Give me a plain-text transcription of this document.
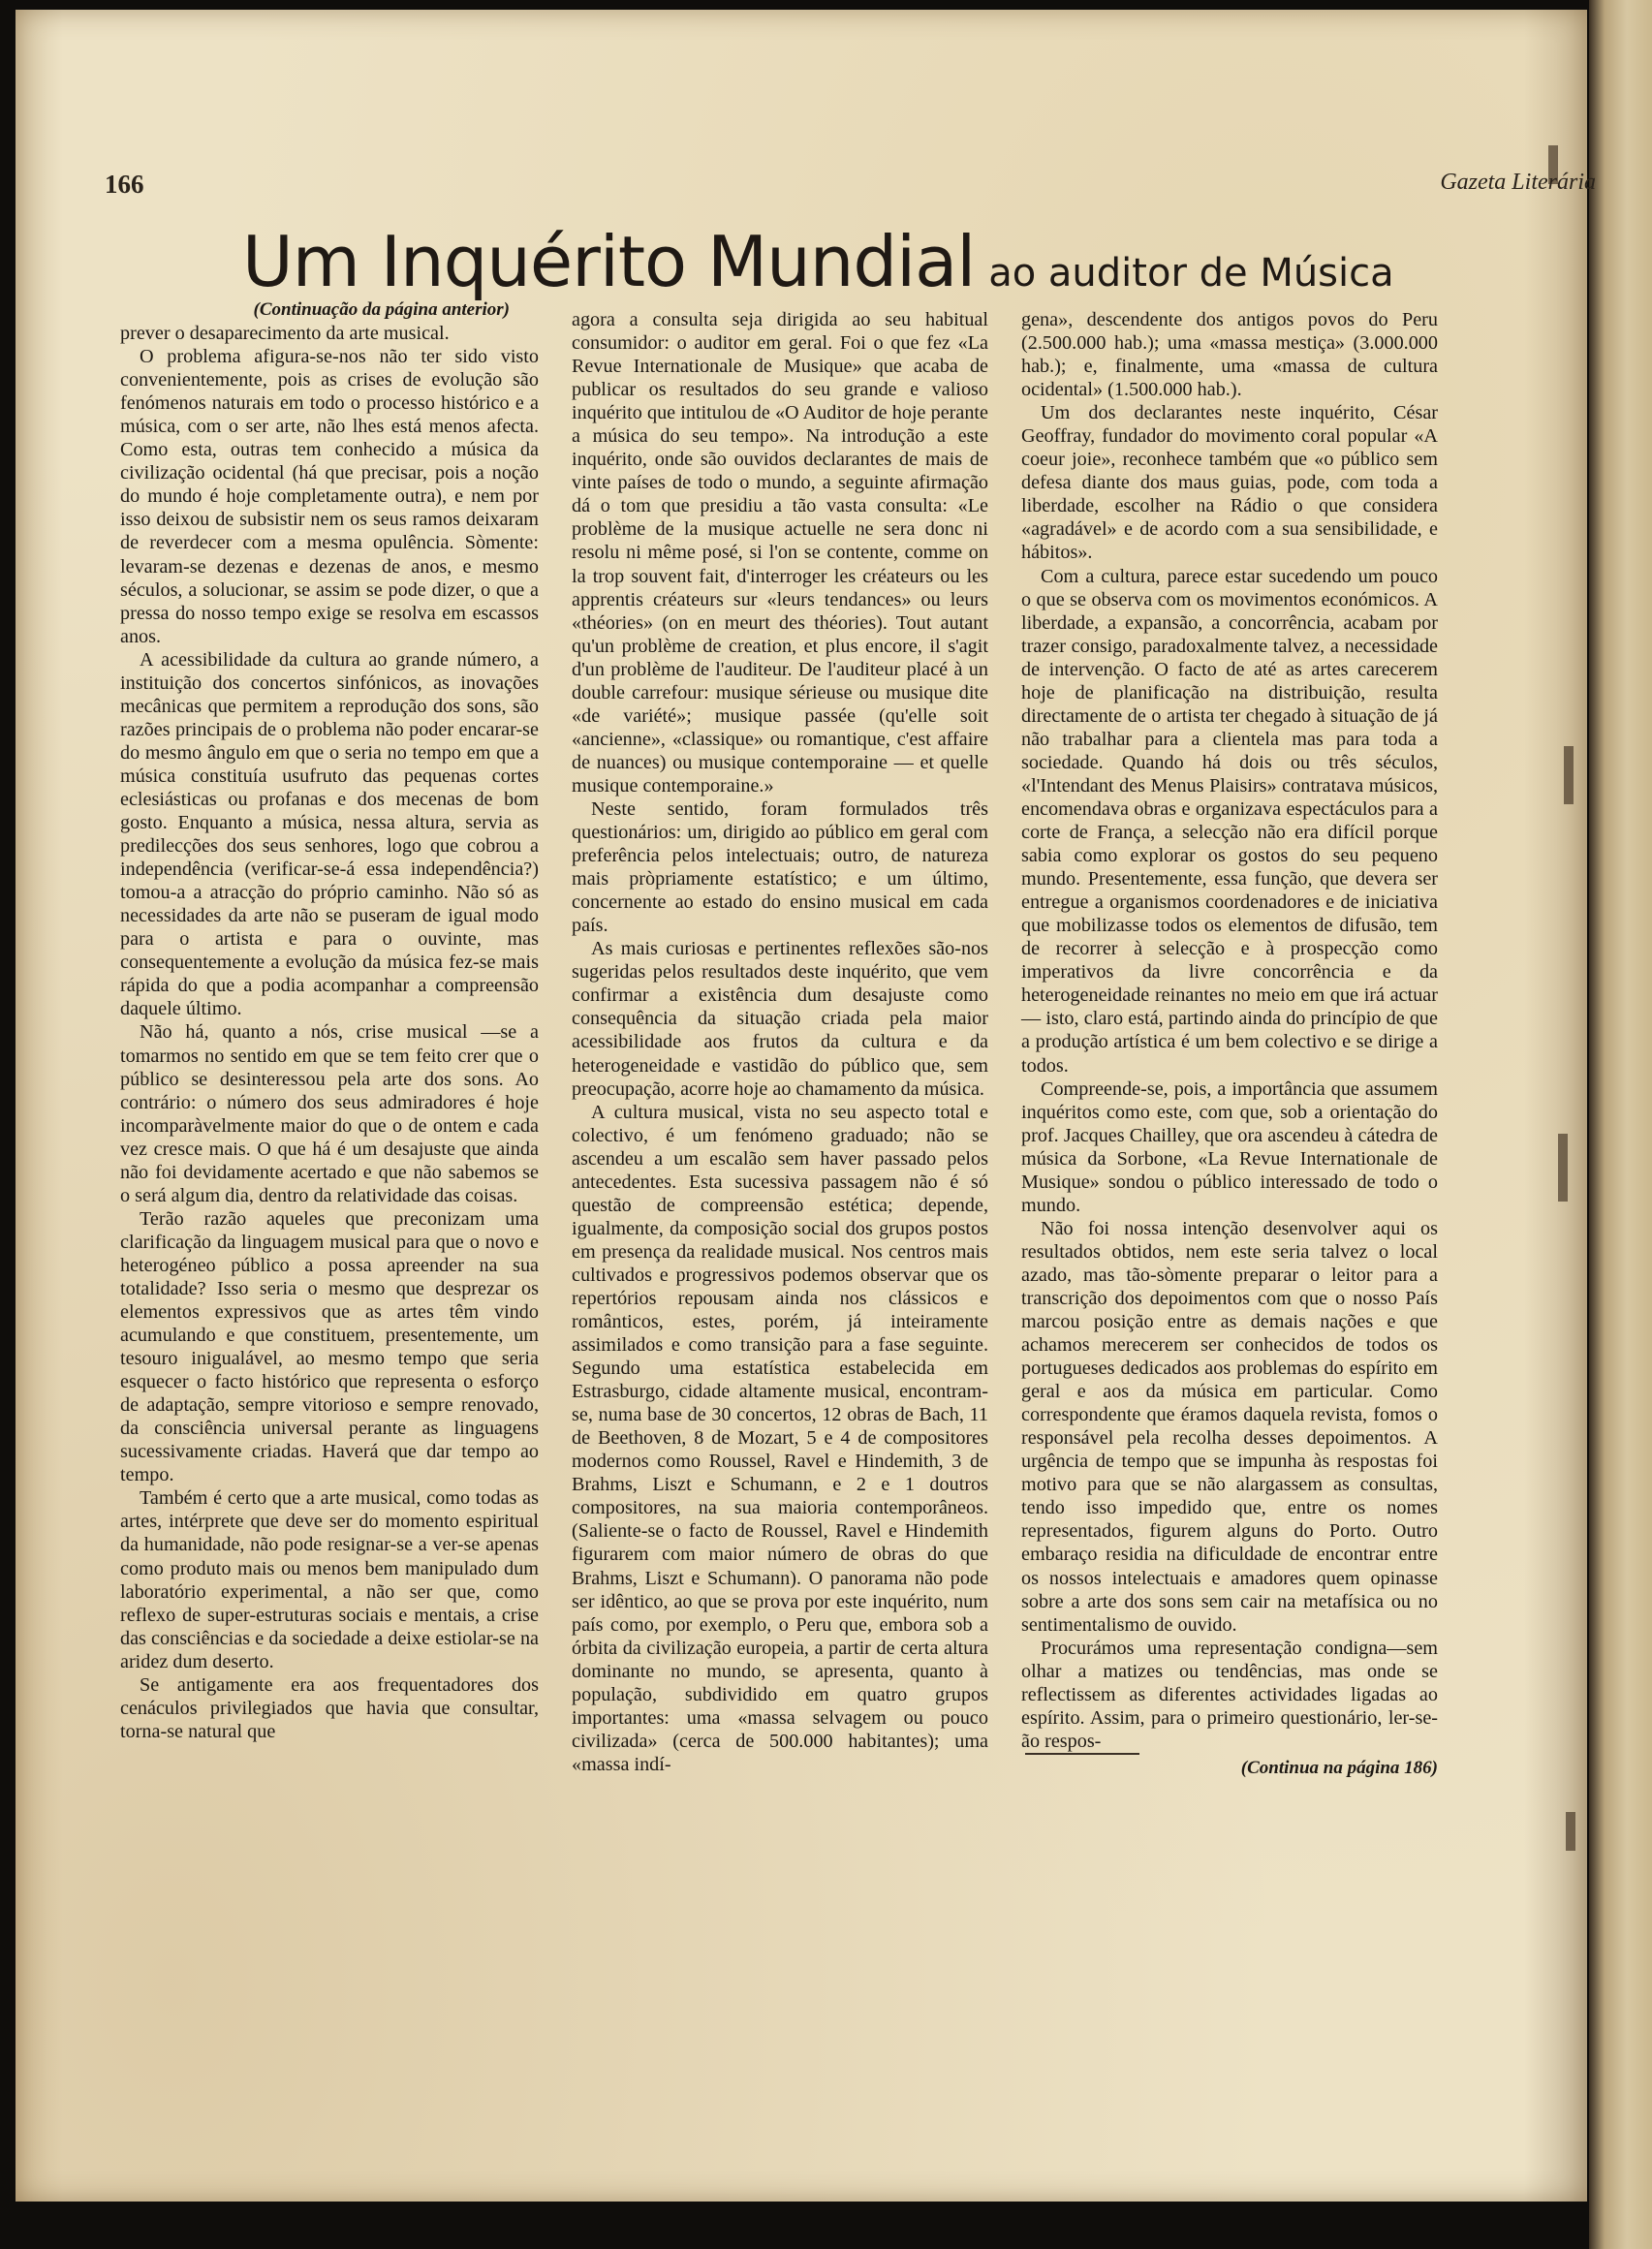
166	Gazeta Literária
Um Inquérito Mundial ao auditor de Música

(Continuação da página anterior)

prever o desaparecimento da arte musical.

O problema afigura-se-nos não ter sido visto convenientemente, pois as crises de evolução são fenómenos naturais em todo o processo histórico e a música, com o ser arte, não lhes está menos afecta. Como esta, outras tem conhecido a música da civilização ocidental (há que precisar, pois a noção do mundo é hoje completamente outra), e nem por isso deixou de subsistir nem os seus ramos deixaram de reverdecer com a mesma opulência. Sòmente: levaram-se dezenas e dezenas de anos, e mesmo séculos, a solucionar, se assim se pode dizer, o que a pressa do nosso tempo exige se resolva em escassos anos.

A acessibilidade da cultura ao grande número, a instituição dos concertos sinfónicos, as inovações mecânicas que permitem a reprodução dos sons, são razões principais de o problema não poder encarar-se do mesmo ângulo em que o seria no tempo em que a música constituía usufruto das pequenas cortes eclesiásticas ou profanas e dos mecenas de bom gosto. Enquanto a música, nessa altura, servia as predilecções dos seus senhores, logo que cobrou a independência (verificar-se-á essa independência?) tomou-a a atracção do próprio caminho. Não só as necessidades da arte não se puseram de igual modo para o artista e para o ouvinte, mas consequentemente a evolução da música fez-se mais rápida do que a podia acompanhar a compreensão daquele último.

Não há, quanto a nós, crise musical —se a tomarmos no sentido em que se tem feito crer que o público se desinteressou pela arte dos sons. Ao contrário: o número dos seus admiradores é hoje incomparàvelmente maior do que o de ontem e cada vez cresce mais. O que há é um desajuste que ainda não foi devidamente acertado e que não sabemos se o será algum dia, dentro da relatividade das coisas.

Terão razão aqueles que preconizam uma clarificação da linguagem musical para que o novo e heterogéneo público a possa apreender na sua totalidade? Isso seria o mesmo que desprezar os elementos expressivos que as artes têm vindo acumulando e que constituem, presentemente, um tesouro inigualável, ao mesmo tempo que seria esquecer o facto histórico que representa o esforço de adaptação, sempre vitorioso e sempre renovado, da consciência universal perante as linguagens sucessivamente criadas. Haverá que dar tempo ao tempo.

Também é certo que a arte musical, como todas as artes, intérprete que deve ser do momento espiritual da humanidade, não pode resignar-se a ver-se apenas como produto mais ou menos bem manipulado dum laboratório experimental, a não ser que, como reflexo de super-estruturas sociais e mentais, a crise das consciências e da sociedade a deixe estiolar-se na aridez dum deserto.

Se antigamente era aos frequentadores dos cenáculos privilegiados que havia que consultar, torna-se natural que

agora a consulta seja dirigida ao seu habitual consumidor: o auditor em geral. Foi o que fez «La Revue Internationale de Musique» que acaba de publicar os resultados do seu grande e valioso inquérito que intitulou de «O Auditor de hoje perante a música do seu tempo». Na introdução a este inquérito, onde são ouvidos declarantes de mais de vinte países de todo o mundo, a seguinte afirmação dá o tom que presidiu a tão vasta consulta: «Le problème de la musique actuelle ne sera donc ni resolu ni même posé, si l'on se contente, comme on la trop souvent fait, d'interroger les créateurs ou les apprentis créateurs sur «leurs tendances» ou leurs «théories» (on en meurt des théories). Tout autant qu'un problème de creation, et plus encore, il s'agit d'un problème de l'auditeur. De l'auditeur placé à un double carrefour: musique sérieuse ou musique dite «de variété»; musique passée (qu'elle soit «ancienne», «classique» ou romantique, c'est affaire de nuances) ou musique contemporaine — et quelle musique contemporaine.»

Neste sentido, foram formulados três questionários: um, dirigido ao público em geral com preferência pelos intelectuais; outro, de natureza mais pròpriamente estatístico; e um último, concernente ao estado do ensino musical em cada país.

As mais curiosas e pertinentes reflexões são-nos sugeridas pelos resultados deste inquérito, que vem confirmar a existência dum desajuste como consequência da situação criada pela maior acessibilidade aos frutos da cultura e da heterogeneidade e vastidão do público que, sem preocupação, acorre hoje ao chamamento da música.

A cultura musical, vista no seu aspecto total e colectivo, é um fenómeno graduado; não se ascendeu a um escalão sem haver passado pelos antecedentes. Esta sucessiva passagem não é só questão de compreensão estética; depende, igualmente, da composição social dos grupos postos em presença da realidade musical. Nos centros mais cultivados e progressivos podemos observar que os repertórios repousam ainda nos clássicos e românticos, estes, porém, já inteiramente assimilados e como transição para a fase seguinte. Segundo uma estatística estabelecida em Estrasburgo, cidade altamente musical, encontram-se, numa base de 30 concertos, 12 obras de Bach, 11 de Beethoven, 8 de Mozart, 5 e 4 de compositores modernos como Roussel, Ravel e Hindemith, 3 de Brahms, Liszt e Schumann, e 2 e 1 doutros compositores, na sua maioria contemporâneos. (Saliente-se o facto de Roussel, Ravel e Hindemith figurarem com maior número de obras do que Brahms, Liszt e Schumann). O panorama não pode ser idêntico, ao que se prova por este inquérito, num país como, por exemplo, o Peru que, embora sob a órbita da civilização europeia, a partir de certa altura dominante no mundo, se apresenta, quanto à população, subdividido em quatro grupos importantes: uma «massa selvagem ou pouco civilizada» (cerca de 500.000 habitantes); uma «massa indí-

gena», descendente dos antigos povos do Peru (2.500.000 hab.); uma «massa mestiça» (3.000.000 hab.); e, finalmente, uma «massa de cultura ocidental» (1.500.000 hab.).

Um dos declarantes neste inquérito, César Geoffray, fundador do movimento coral popular «A coeur joie», reconhece também que «o público sem defesa diante dos maus guias, pode, com toda a liberdade, escolher na Rádio o que considera «agradável» e de acordo com a sua sensibilidade, e hábitos».

Com a cultura, parece estar sucedendo um pouco o que se observa com os movimentos económicos. A liberdade, a expansão, a concorrência, acabam por trazer consigo, paradoxalmente talvez, a necessidade de intervenção. O facto de até as artes carecerem hoje de planificação na distribuição, resulta directamente de o artista ter chegado à situação de já não trabalhar para a clientela mas para toda a sociedade. Quando há dois ou três séculos, «l'Intendant des Menus Plaisirs» contratava músicos, encomendava obras e organizava espectáculos para a corte de França, a selecção não era difícil porque sabia como explorar os gostos do seu pequeno mundo. Presentemente, essa função, que devera ser entregue a organismos coordenadores e de iniciativa que mobilizasse todos os elementos de difusão, tem de recorrer à selecção e à prospecção como imperativos da livre concorrência e da heterogeneidade reinantes no meio em que irá actuar — isto, claro está, partindo ainda do princípio de que a produção artística é um bem colectivo e se dirige a todos.

Compreende-se, pois, a importância que assumem inquéritos como este, com que, sob a orientação do prof. Jacques Chailley, que ora ascendeu à cátedra de música da Sorbone, «La Revue Internationale de Musique» sondou o público interessado de todo o mundo.

Não foi nossa intenção desenvolver aqui os resultados obtidos, nem este seria talvez o local azado, mas tão-sòmente preparar o leitor para a transcrição dos depoimentos com que o nosso País marcou posição entre as demais nações e que achamos merecerem ser conhecidos de todos os portugueses dedicados aos problemas do espírito em geral e aos da música em particular. Como correspondente que éramos daquela revista, fomos o responsável pela recolha desses depoimentos. A urgência de tempo que se impunha às respostas foi motivo para que se não alargassem as consultas, tendo isso impedido que, entre os nomes representados, figurem alguns do Porto. Outro embaraço residia na dificuldade de encontrar entre os nossos intelectuais e amadores quem opinasse sobre a arte dos sons sem cair na metafísica ou no sentimentalismo de ouvido.

Procurámos uma representação condigna—sem olhar a matizes ou tendências, mas onde se reflectissem as diferentes actividades ligadas ao espírito. Assim, para o primeiro questionário, ler-se-ão respos-

(Continua na página 186)
